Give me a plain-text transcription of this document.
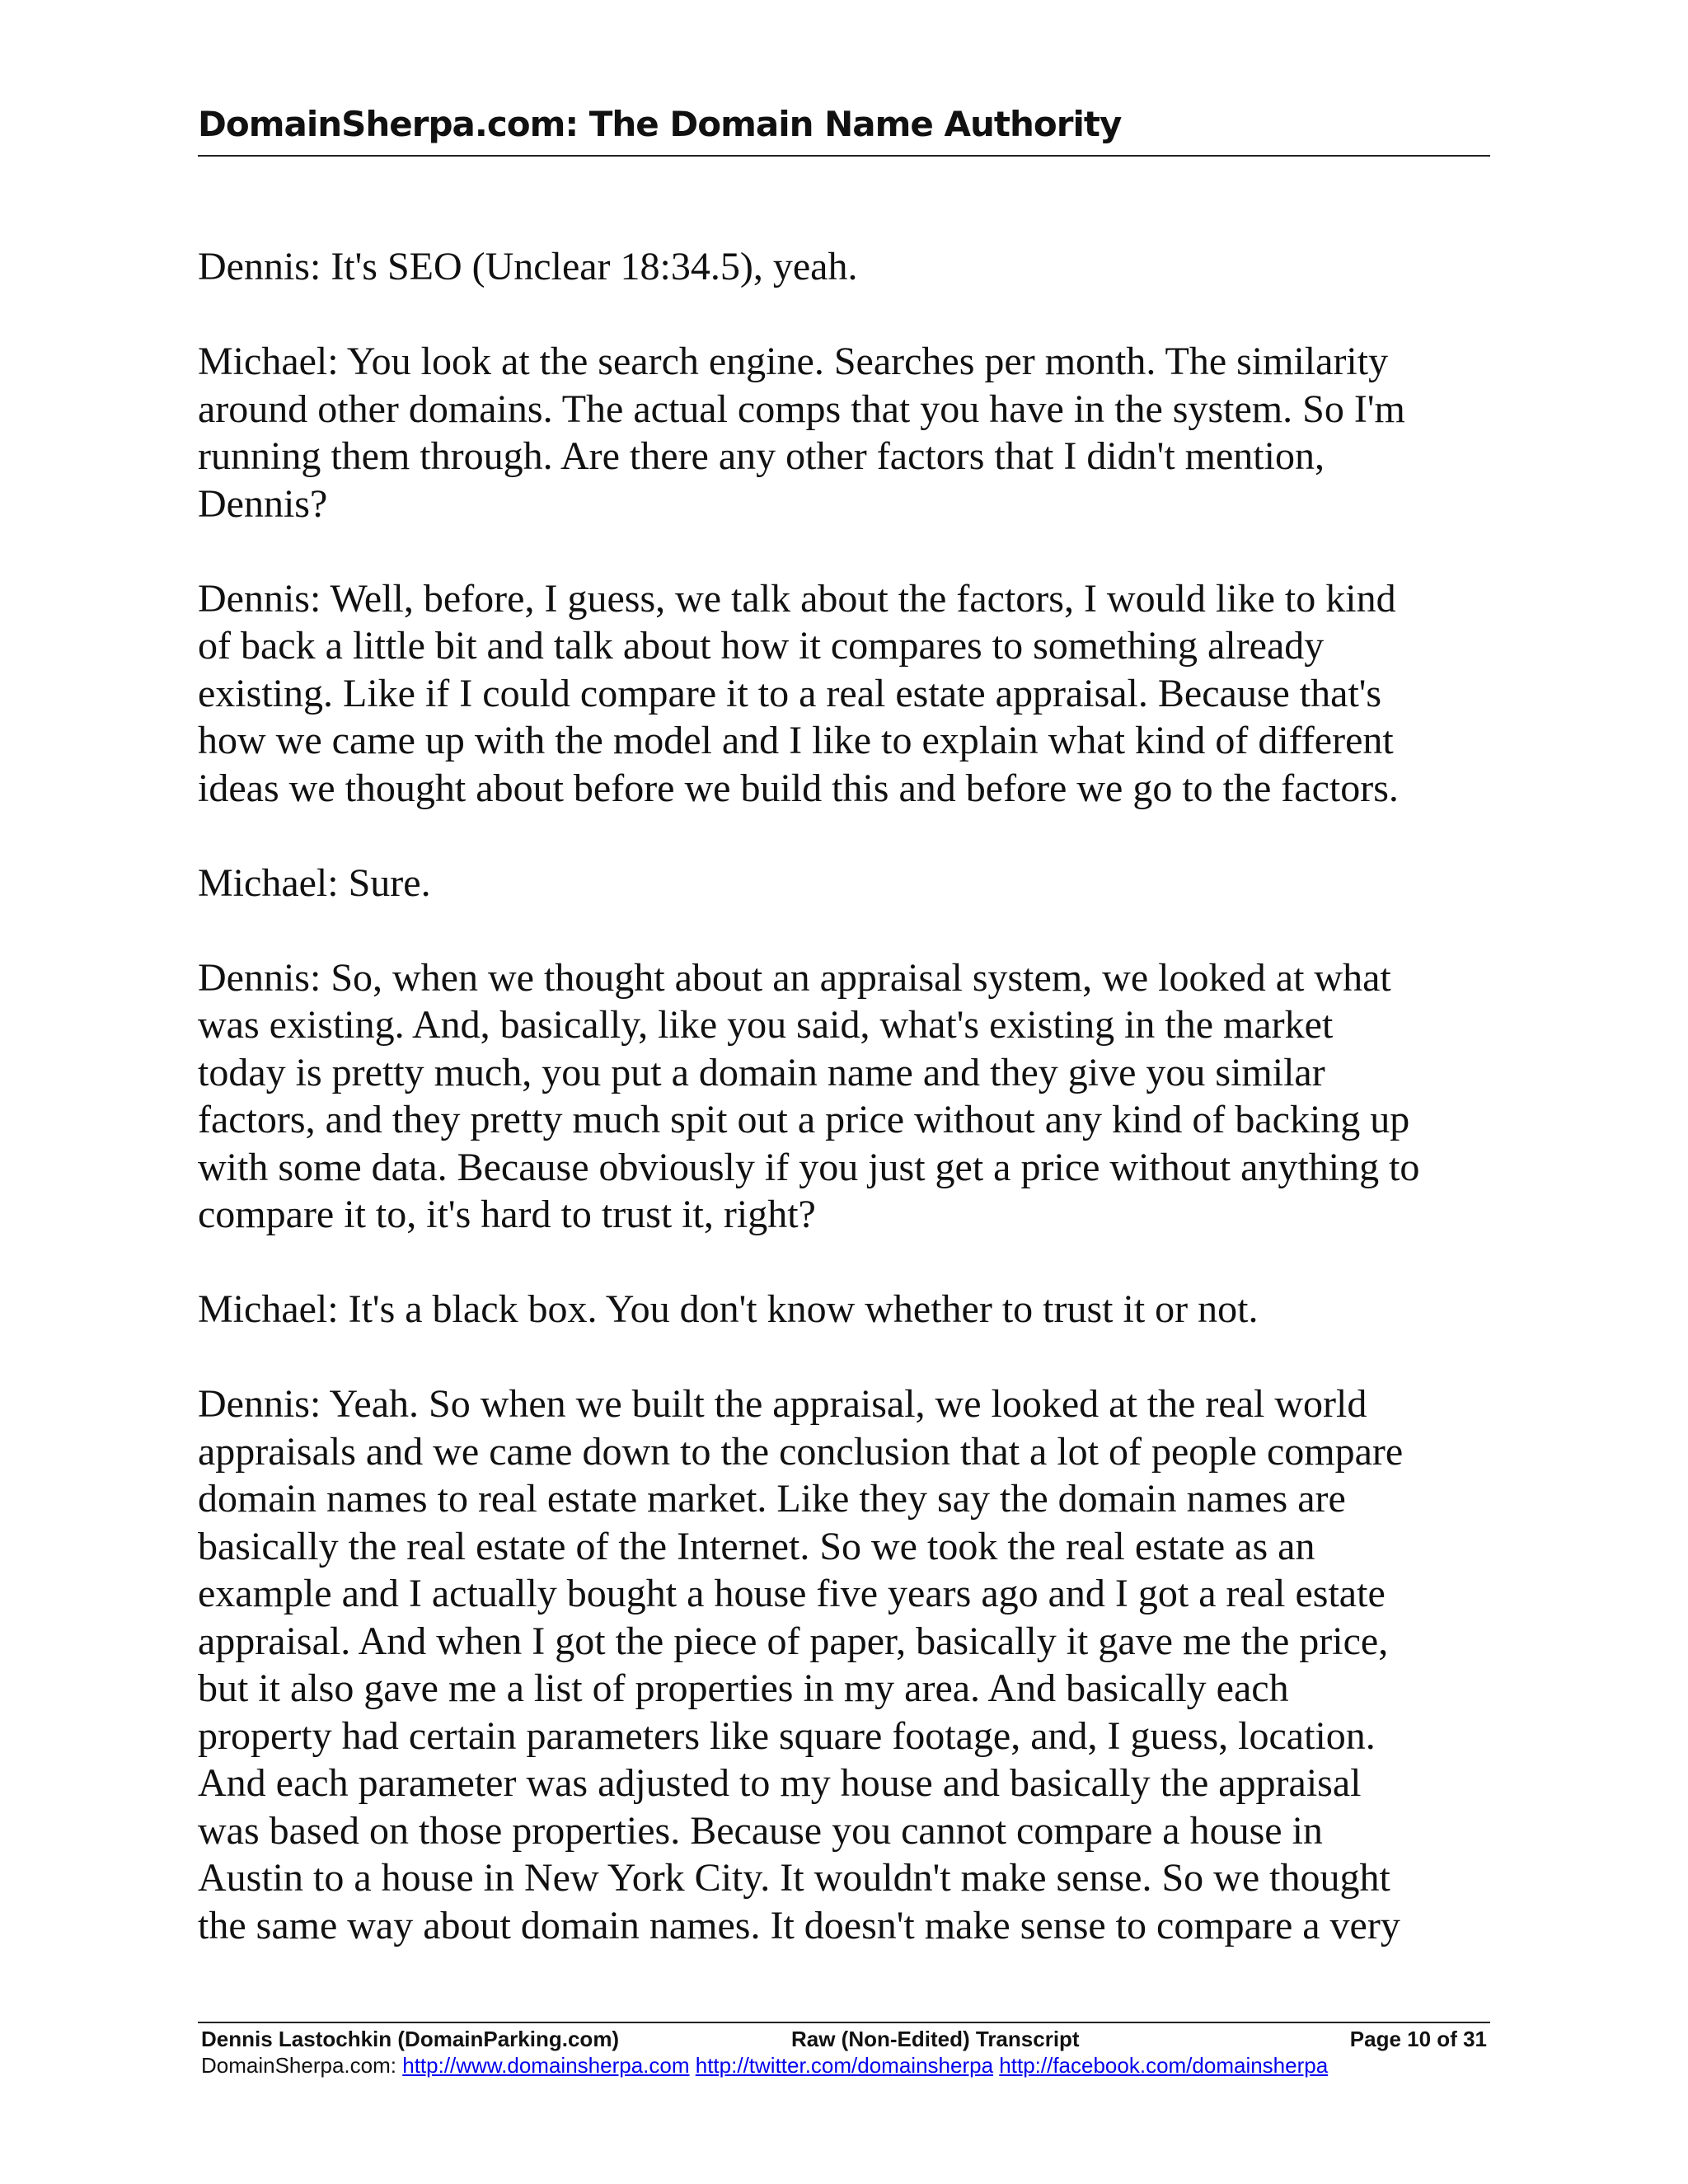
DomainSherpa.com: The Domain Name Authority

Dennis: It's SEO (Unclear 18:34.5), yeah.

Michael: You look at the search engine. Searches per month. The similarity
around other domains. The actual comps that you have in the system. So I'm
running them through. Are there any other factors that I didn't mention,
Dennis?

Dennis: Well, before, I guess, we talk about the factors, I would like to kind
of back a little bit and talk about how it compares to something already
existing. Like if I could compare it to a real estate appraisal. Because that's
how we came up with the model and I like to explain what kind of different
ideas we thought about before we build this and before we go to the factors.

Michael: Sure.

Dennis: So, when we thought about an appraisal system, we looked at what
was existing. And, basically, like you said, what's existing in the market
today is pretty much, you put a domain name and they give you similar
factors, and they pretty much spit out a price without any kind of backing up
with some data. Because obviously if you just get a price without anything to
compare it to, it's hard to trust it, right?

Michael: It's a black box. You don't know whether to trust it or not.

Dennis: Yeah. So when we built the appraisal, we looked at the real world
appraisals and we came down to the conclusion that a lot of people compare
domain names to real estate market. Like they say the domain names are
basically the real estate of the Internet. So we took the real estate as an
example and I actually bought a house five years ago and I got a real estate
appraisal. And when I got the piece of paper, basically it gave me the price,
but it also gave me a list of properties in my area. And basically each
property had certain parameters like square footage, and, I guess, location.
And each parameter was adjusted to my house and basically the appraisal
was based on those properties. Because you cannot compare a house in
Austin to a house in New York City. It wouldn't make sense. So we thought
the same way about domain names. It doesn't make sense to compare a very

Dennis Lastochkin (DomainParking.com)	Raw (Non-Edited) Transcript	Page 10 of 31
DomainSherpa.com: http://www.domainsherpa.com http://twitter.com/domainsherpa http://facebook.com/domainsherpa
